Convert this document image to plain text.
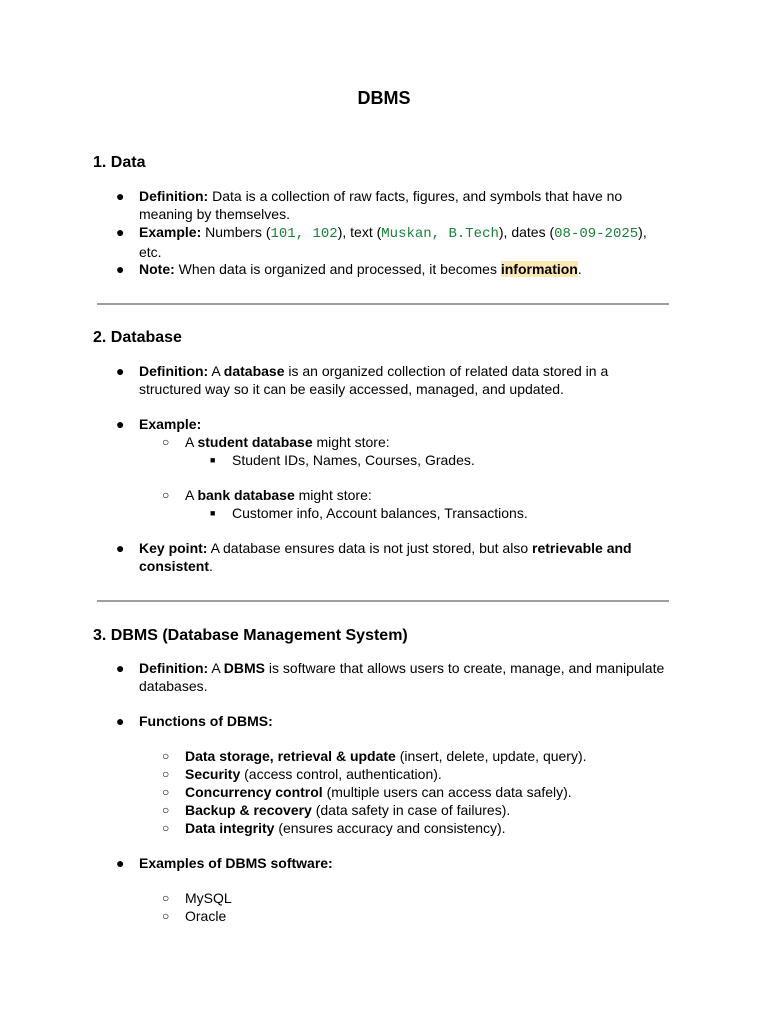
DBMS
1. Data
● Definition: Data is a collection of raw facts, figures, and symbols that have no meaning by themselves.
● Example: Numbers (101, 102), text (Muskan, B.Tech), dates (08-09-2025), etc.
● Note: When data is organized and processed, it becomes information.
2. Database
● Definition: A database is an organized collection of related data stored in a structured way so it can be easily accessed, managed, and updated.
● Example:
○	A student database might store:
■ Student IDs, Names, Courses, Grades.
○	A bank database might store:
■ Customer info, Account balances, Transactions.
● Key point: A database ensures data is not just stored, but also retrievable and consistent.
3. DBMS (Database Management System)
● Definition: A DBMS is software that allows users to create, manage, and manipulate databases.
● Functions of DBMS:
○	Data storage, retrieval & update (insert, delete, update, query).
○	Security (access control, authentication).
○	Concurrency control (multiple users can access data safely).
○	Backup & recovery (data safety in case of failures).
○	Data integrity (ensures accuracy and consistency).
● Examples of DBMS software:
○	MySQL
○	Oracle
